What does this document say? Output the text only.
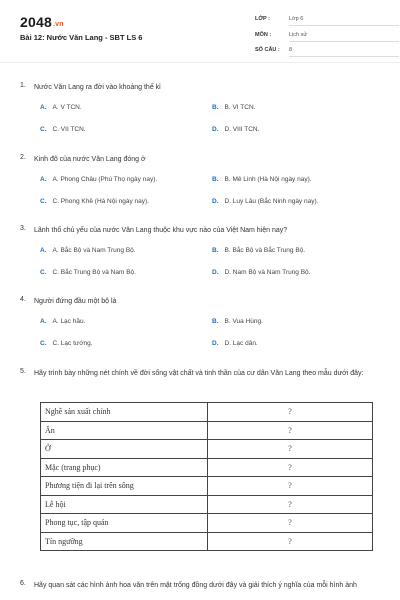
2048.vn
Bài 12: Nước Văn Lang - SBT LS 6
LỚP :	Lớp 6
MÔN :	Lịch sử
SỐ CÂU :	8
1. Nước Văn Lang ra đời vào khoảng thế kỉ
A. A. V TCN.	B. B. VI TCN.
C. C. VII TCN.	D. D. VIII TCN.
2. Kinh đô của nước Văn Lang đóng ở
A. A. Phong Châu (Phú Thọ ngày nay).	B. B. Mê Linh (Hà Nội ngày nay).
C. C. Phong Khê (Hà Nội ngày nay).	D. D. Luy Lâu (Bắc Ninh ngày nay).
3. Lãnh thổ chủ yếu của nước Văn Lang thuộc khu vực nào của Việt Nam hiện nay?
A. A. Bắc Bộ và Nam Trung Bộ.	B. B. Bắc Bộ và Bắc Trung Bộ.
C. C. Bắc Trung Bộ và Nam Bộ.	D. D. Nam Bộ và Nam Trung Bộ.
4. Người đứng đầu một bộ là
A. A. Lạc hầu.	B. B. Vua Hùng.
C. C. Lạc tướng.	D. D. Lạc dân.
5. Hãy trình bày những nét chính về đời sống vật chất và tinh thần của cư dân Văn Lang theo mẫu dưới đây:
Nghề sản xuất chính	?
Ăn	?
Ở	?
Mặc (trang phục)	?
Phương tiện đi lại trên sông	?
Lễ hội	?
Phong tục, tập quán	?
Tín ngưỡng	?
6. Hãy quan sát các hình ảnh hoa văn trên mặt trống đồng dưới đây và giải thích ý nghĩa của mỗi hình ảnh
